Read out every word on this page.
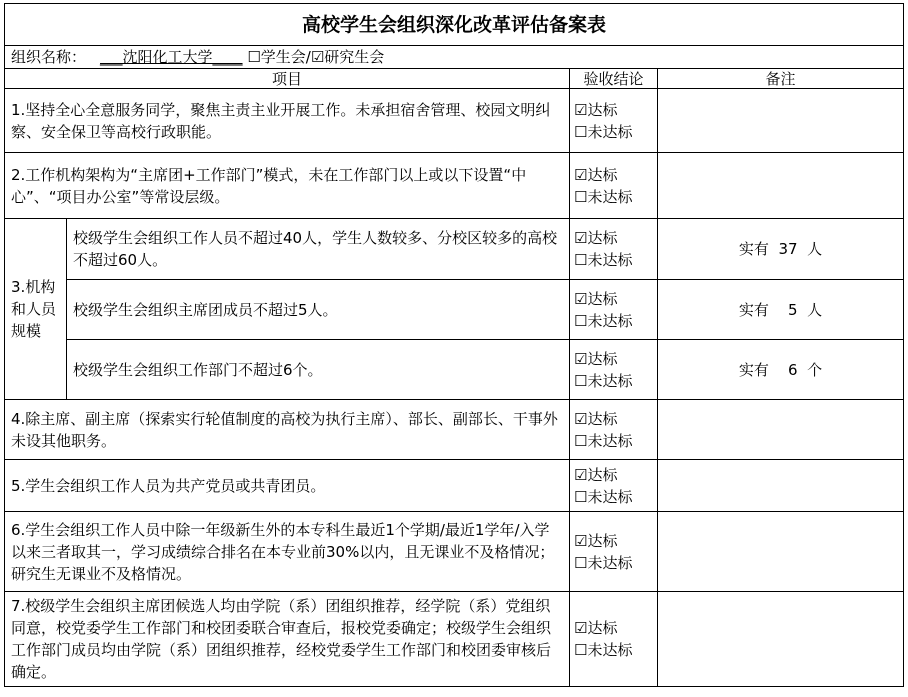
高校学生会组织深化改革评估备案表			
组织名称： ___沈阳化工大学____ ☐学生会/☑研究生会			
项目		验收结论	备注
1.坚持全心全意服务同学，聚焦主责主业开展工作。未承担宿舍管理、校园文明纠察、安全保卫等高校行政职能。		☑达标
☐未达标	

2.工作机构架构为“主席团+工作部门”模式，未在工作部门以上或以下设置“中心”、“项目办公室”等常设层级。		☑达标
☐未达标	

3.机构和人员规模	校级学生会组织工作人员不超过40人，学生人数较多、分校区较多的高校不超过60人。	☑达标
☐未达标	实有 37 人
	校级学生会组织主席团成员不超过5人。	☑达标
☐未达标	实有 5 人
	校级学生会组织工作部门不超过6个。	☑达标
☐未达标	实有 6 个
4.除主席、副主席（探索实行轮值制度的高校为执行主席）、部长、副部长、干事外未设其他职务。		☑达标
☐未达标	

5.学生会组织工作人员为共产党员或共青团员。		☑达标
☐未达标	

6.学生会组织工作人员中除一年级新生外的本专科生最近1个学期/最近1学年/入学以来三者取其一，学习成绩综合排名在本专业前30%以内，且无课业不及格情况；研究生无课业不及格情况。		☑达标
☐未达标	

7.校级学生会组织主席团候选人均由学院（系）团组织推荐，经学院（系）党组织同意，校党委学生工作部门和校团委联合审查后，报校党委确定；校级学生会组织工作部门成员均由学院（系）团组织推荐，经校党委学生工作部门和校团委审核后确定。		☑达标
☐未达标	
